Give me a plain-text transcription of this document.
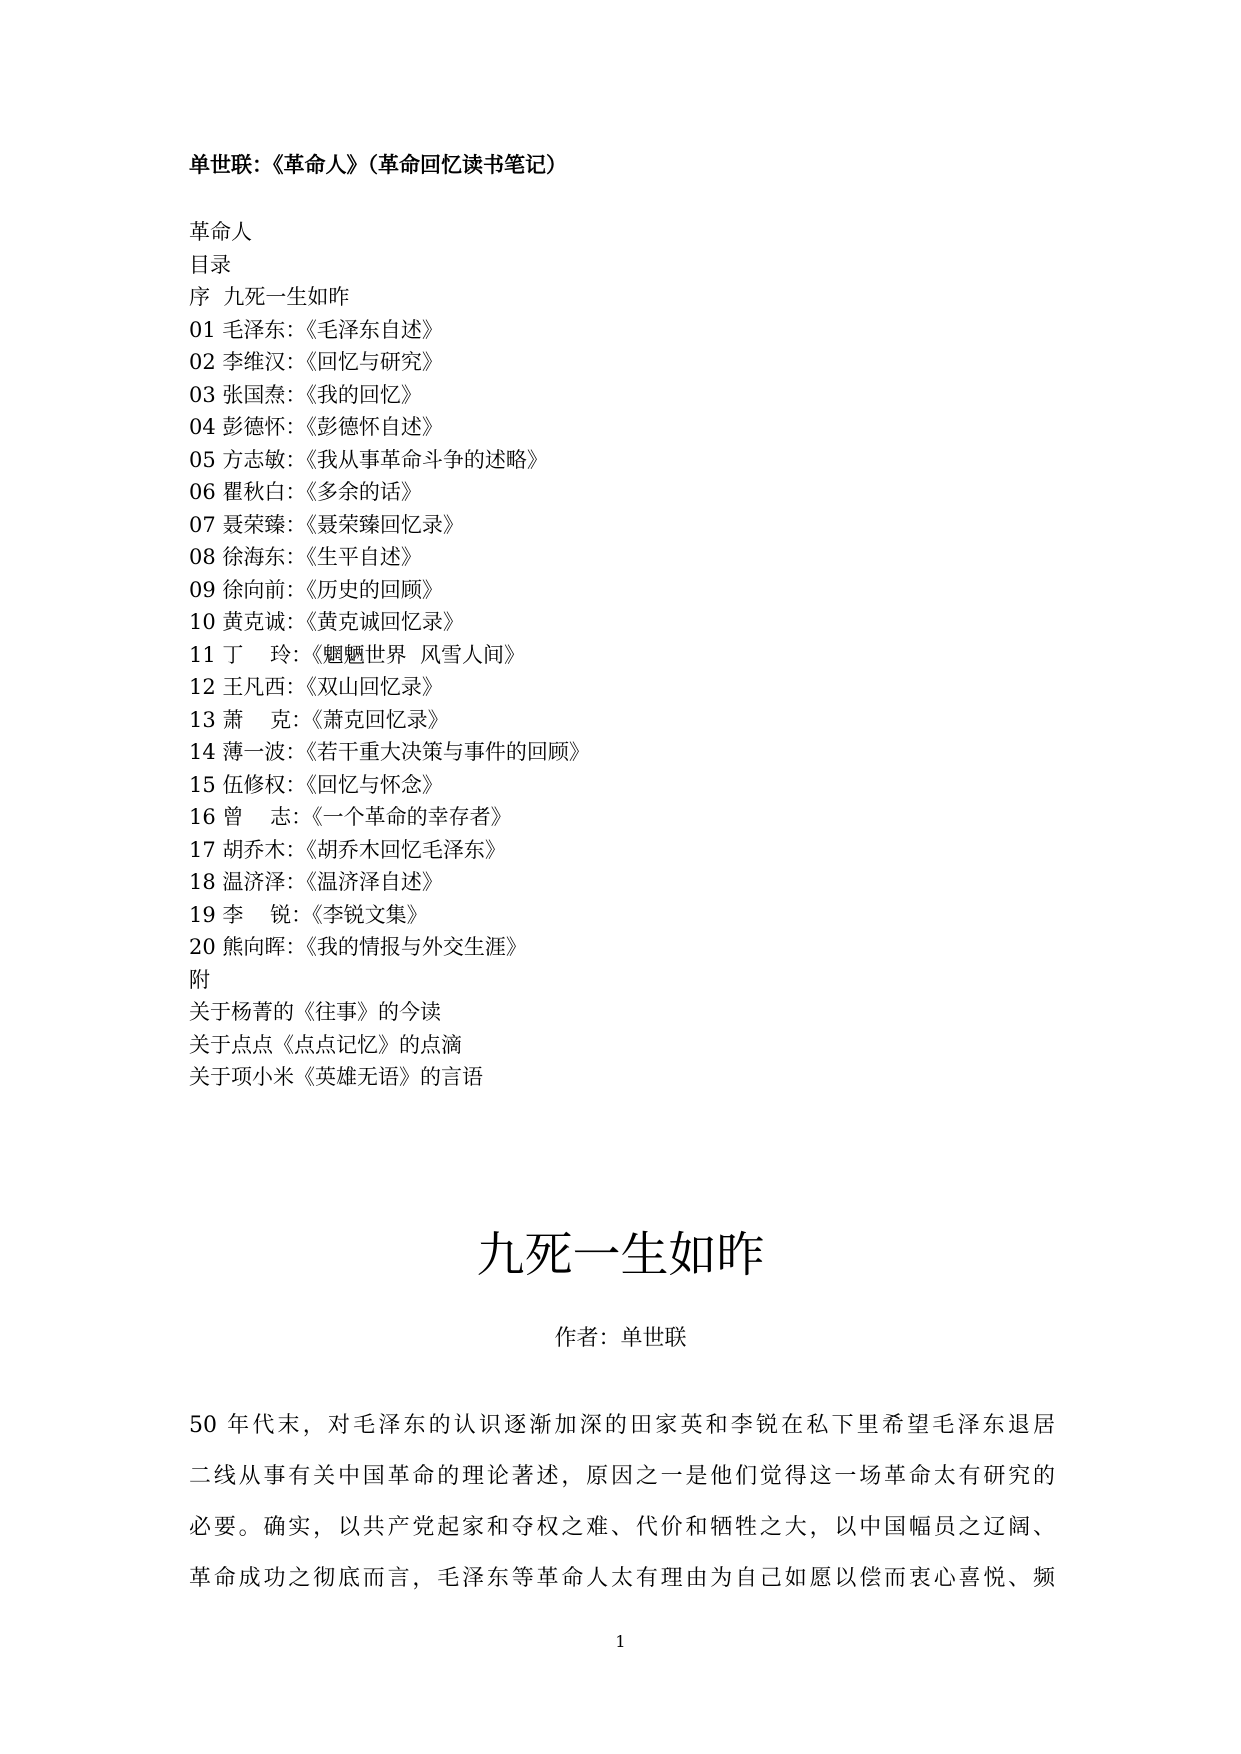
单世联：《革命人》（革命回忆读书笔记）
革命人
目录
序  九死一生如昨
01 毛泽东：《毛泽东自述》
02 李维汉：《回忆与研究》
03 张国焘：《我的回忆》
04 彭德怀：《彭德怀自述》
05 方志敏：《我从事革命斗争的述略》
06 瞿秋白：《多余的话》
07 聂荣臻：《聂荣臻回忆录》
08 徐海东：《生平自述》
09 徐向前：《历史的回顾》
10 黄克诚：《黄克诚回忆录》
11 丁    玲：《魍魉世界  风雪人间》
12 王凡西：《双山回忆录》
13 萧    克：《萧克回忆录》
14 薄一波：《若干重大决策与事件的回顾》
15 伍修权：《回忆与怀念》
16 曾    志：《一个革命的幸存者》
17 胡乔木：《胡乔木回忆毛泽东》
18 温济泽：《温济泽自述》
19 李    锐：《李锐文集》
20 熊向晖：《我的情报与外交生涯》
附
关于杨菁的《往事》的今读
关于点点《点点记忆》的点滴
关于项小米《英雄无语》的言语
九死一生如昨
作者：单世联
50 年代末，对毛泽东的认识逐渐加深的田家英和李锐在私下里希望毛泽东退居
二线从事有关中国革命的理论著述，原因之一是他们觉得这一场革命太有研究的
必要。确实，以共产党起家和夺权之难、代价和牺牲之大，以中国幅员之辽阔、
革命成功之彻底而言，毛泽东等革命人太有理由为自己如愿以偿而衷心喜悦、频
1
